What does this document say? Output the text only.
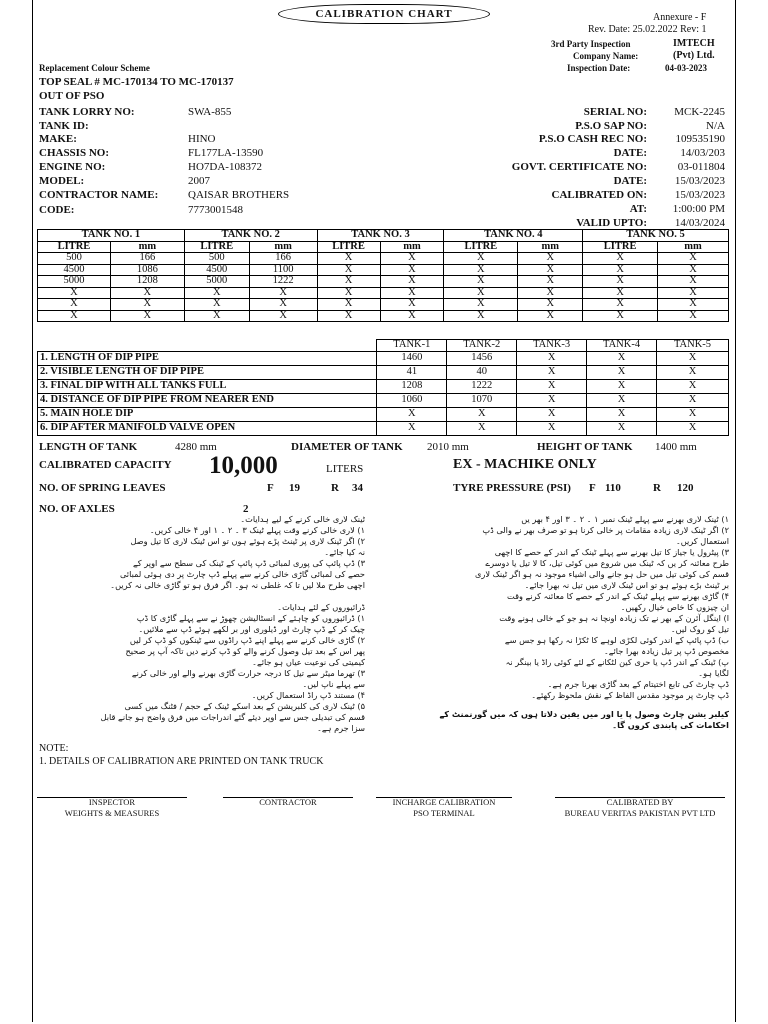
CALIBRATION CHART	Annexure - F
Rev. Date: 25.02.2022 Rev: 1
3rd Party Inspection
Company Name:
IMTECH
(Pvt) Ltd.
Inspection Date:	04-03-2023
Replacement Colour Scheme
TOP SEAL # MC-170134 TO MC-170137
OUT OF PSO
TANK LORRY NO:	SWA-855
TANK ID:
MAKE:	HINO
CHASSIS NO:	FL177LA-13590
ENGINE NO:	HO7DA-108372
MODEL:	2007
CONTRACTOR NAME:	QAISAR BROTHERS
CODE:	7773001548
SERIAL NO: MCK-2245
P.S.O SAP NO:	N/A
P.S.O CASH REC NO:	109535190
DATE:	14/03/203
GOVT. CERTIFICATE NO:	03-011804
DATE:	15/03/2023
CALIBRATED ON:	15/03/2023
AT: 1:00:00 PM
VALID UPTO:	14/03/2024
TANK NO. 1		TANK NO. 2		TANK NO. 3		TANK NO. 4		TANK NO. 5	
LITRE	mm	LITRE	mm	LITRE	mm	LITRE	mm	LITRE	mm
500	166	500	166	X	X	X	X	X	X
4500	1086	4500	1100	X	X	X	X	X	X
5000	1208	5000	1222	X	X	X	X	X	X
X	X	X	X	X	X	X	X	X	X
X	X	X	X	X	X	X	X	X	X
X	X	X	X	X	X	X	X	X	X
	TANK-1	TANK-2	TANK-3	TANK-4	TANK-5
1. LENGTH OF DIP PIPE	1460	1456	X	X	X
2. VISIBLE LENGTH OF DIP PIPE	41	40	X	X	X
3. FINAL DIP WITH ALL TANKS FULL	1208	1222	X	X	X
4. DISTANCE OF DIP PIPE FROM NEARER END	1060	1070	X	X	X
5. MAIN HOLE DIP	X	X	X	X	X
6. DIP AFTER MANIFOLD VALVE OPEN	X	X	X	X	X
LENGTH OF TANK	4280 mm	DIAMETER OF TANK 2010 mm	HEIGHT OF TANK 1400 mm
CALIBRATED CAPACITY 10,000	LITERS	EX - MACHIKE ONLY
NO. OF SPRING LEAVES	F 19	R 34	TYRE PRESSURE (PSI) F 110	R 120
NO. OF AXLES	2
ٹینک لاری خالی کرنے کے لیے ہدایات۔
۱) لاری خالی کرنے وقت پہلے ٹینک ۳ ۔ ۲ ۔ ۱ اور ۴ خالی کریں۔
۲) اگر ٹینک لاری پر ٹینٹ پڑے ہوئے ہوں تو اس ٹینک لاری کا تیل وصل
نہ کیا جائے۔
۳) ڈپ پائپ کی پوری لمبائی ڈپ پائپ کے ٹینک کی سطح سے اوپر کے
حصے کی لمبائی گاڑی خالی کرنے سے پہلے ڈپ چارٹ پر دی ہوئی لمبائی
اچھی طرح ملا لیں تا کہ غلطی نہ ہو۔ اگر فرق ہو تو گاڑی خالی نہ کریں۔
ڈرائیوروں کے لئے ہدایات۔
۱) ڈرائیوروں کو چاہئے کے انسٹالیشن چھوڑ نے سے پہلے گاڑی کا ڈپ
چیک کر کے ڈپ چارٹ اور ڈیلوری اور بر لکھے ہوئے ڈپ سے ملائیں۔
۲) گاڑی خالی کرنے سے پہلے اپنے ڈپ راڈوں سے ٹینکوں کو ڈپ کر لیں
پھر اس کے بعد تیل وصول کرنے والے کو ڈپ کرنے دیں تاکہ آپ پر صحیح
کیمیتی کی نوعیت عیاں ہو جائے۔
۳) تھرما میٹر سے تیل کا درجہ حرارت گاڑی بھرنے والے اور خالی کرنے
سے پہلے ناپ لیں۔
۴) مستند ڈپ راڈ استعمال کریں۔
۵) ٹینک لاری کی کلبریشن کے بعد اسکے ٹینک کے حجم / فٹنگ میں کسی
قسم کی تبدیلی جس سے اوپر دیئے گئے اندراجات میں فرق واضح ہو جانے قابل
سزا جرم ہے۔
۱) ٹینک لاری بھرنے سے پہلے ٹینک نمبر ۱ ۔ ۲ ۔ ۳ اور ۴ بھر یں
۲) اگر ٹینک لاری زیادہ مقامات پر خالی کرنا ہو تو صرف بھر نے والی ڈپ
استعمال کریں۔
۳) پیٹرول یا جیاز کا تیل بھرنے سے پہلے ٹینک کے اندر کے حصے کا اچھی
طرح معائنہ کر یں کہ ٹینک میں شروع میں کوئی تیل، کا لا تیل یا دوسرے
قسم کی کوئی تیل میں حل ہو جانے والی اشیاء موجود نہ ہو اگر ٹینک لاری
بر ٹینٹ بڑے ہوئے ہو تو اس ٹینک لاری میں تیل نہ بھرا جائے۔
۴) گاڑی بھرنے سے پہلے ٹینک کے اندر کے حصے کا معائنہ کرنے وقت
ان چیزوں کا خاص خیال رکھیں۔
ا) اینگل آئرن کے بھر نے تک زیادہ اونچا نہ ہو جو کے خالی ہونے وقت
تیل کو روک لیں۔
ب) ڈپ پائپ کے اندر کوئی لکڑی لوہے کا ٹکڑا نہ رکھا ہو جس سے
مخصوص ڈپ پر تیل زیادہ بھرا جائے۔
پ) ٹینک کے اندر ڈپ یا حری کین لٹکانے کے لئے کوئی راڈ یا بینگر نہ
لگایا ہو۔
ڈپ چارٹ کی تابع اختیتام کے بعد گاڑی بھرنا جرم ہے۔
ڈپ چارٹ پر موجود مقدس الفاظ کے نقش ملحوظ رکھئے۔
کیلبر یشن چارٹ وصول پا یا اور میں یقین دلاتا ہوں کہ میں گورنمنٹ کے
احکامات کی پابندی کروں گا۔
NOTE:
1. DETAILS OF CALIBRATION ARE PRINTED ON TANK TRUCK
INSPECTOR
WEIGHTS & MEASURES
CONTRACTOR	INCHARGE CALIBRATION
PSO TERMINAL
CALIBRATED BY
BUREAU VERITAS PAKISTAN PVT LTD
